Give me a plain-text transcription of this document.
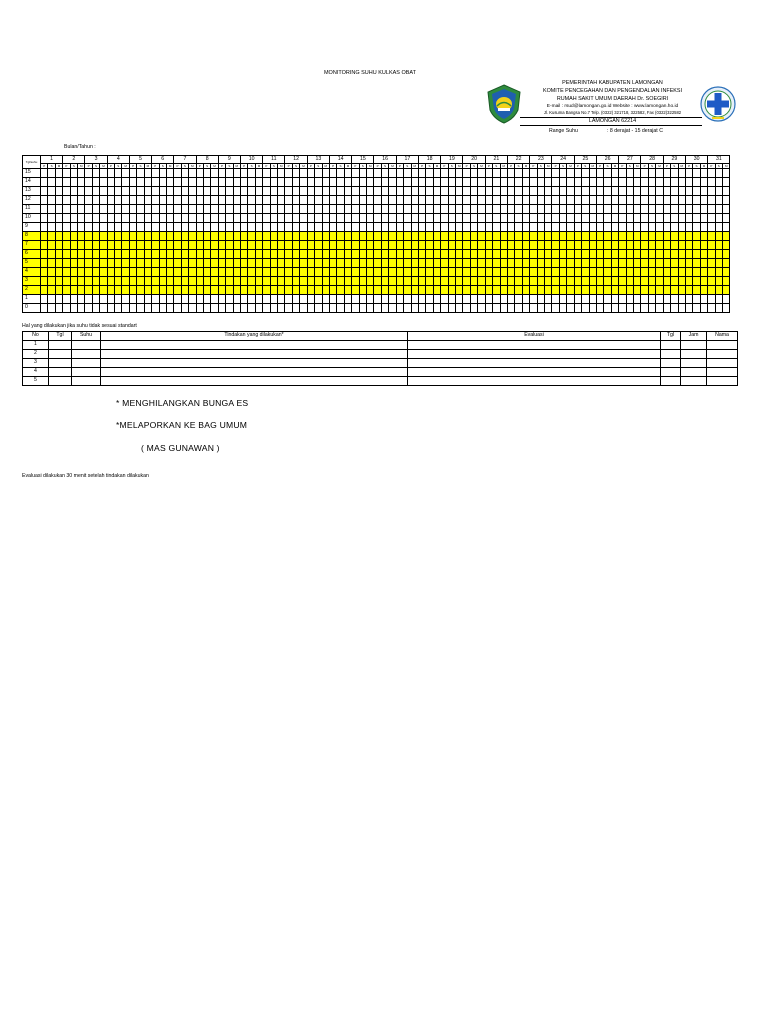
MONITORING SUHU KULKAS OBAT
PEMERINTAH KABUPATEN LAMONGAN
KOMITE PENCEGAHAN DAN PENGENDALIAN INFEKSI
RUMAH SAKIT UMUM DAERAH Dr. SOEGIRI
E-mail : rsud@lamongan.go.id Website : www.lamongan.ho.id
Jl. Kusuma Bangsa No.7 Telp. (0322) 321718, 322582, Fax (0322)322582
LAMONGAN 62214
Range Suhu	: 8 derajat - 15 derajat C
Bulan/Tahun :
Tgl/suhu	1	2	3	4	5	6	7	8	9	10	11	12	13	14	15	16	17	18	19	20	21	22	23	24	25	26	27	28	29	30	31
P	S	M	P	S	M	P	S	M	P	S	M	P	S	M	P	S	M	P	S	M	P	S	M	P	S	M	P	S	M	P	S	M	P	S	M	P	S	M	P	S	M	P	S	M	P	S	M	P	S	M	P	S	M	P	S	M	P	S	M	P	S	M	P	S	M	P	S	M	P	S	M	P	S	M	P	S	M	P	S	M	P	S	M	P	S	M	P	S	M	P	S	M
15																																																																																													
14																																																																																													
13																																																																																													
12																																																																																													
11																																																																																													
10																																																																																													
9																																																																																													
8																																																																																													
7																																																																																													
6																																																																																													
5																																																																																													
4																																																																																													
3																																																																																													
2																																																																																													
1																																																																																													
0																																																																																													
Hal yang dilakukan jika suhu tidak sesuai standart
No	Tgl	Suhu	Tindakan yang dilakukan*	Evaluasi	Tgl	Jam	Nama
1							
2							
3							
4							
5							
* MENGHILANGKAN BUNGA ES
*MELAPORKAN KE BAG UMUM
( MAS GUNAWAN )
Evaluasi dilakukan 30 menit setelah tindakan dilakukan
